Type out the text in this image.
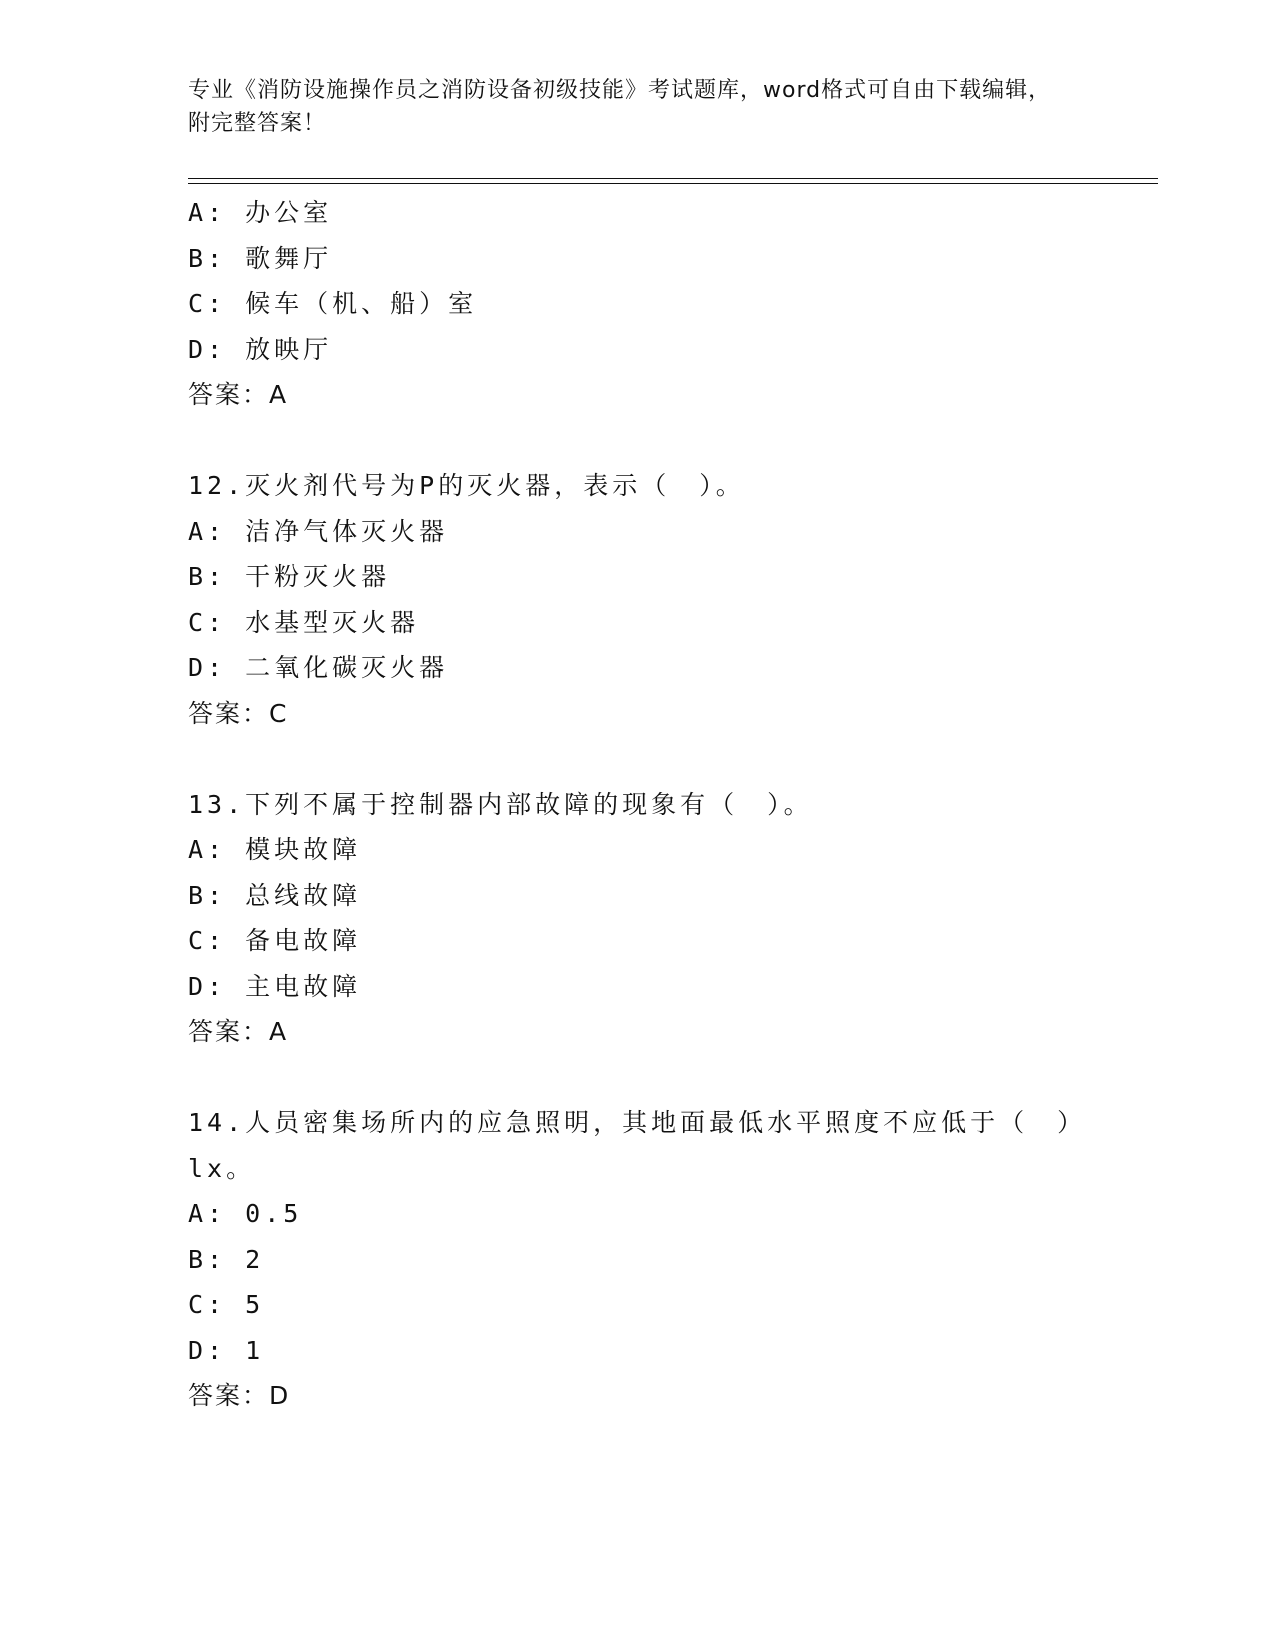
专业《消防设施操作员之消防设备初级技能》考试题库，word格式可自由下载编辑，附完整答案！
A: 办公室
B: 歌舞厅
C: 候车（机、船）室
D: 放映厅
答案：A
12.灭火剂代号为P的灭火器，表示（　）。
A: 洁净气体灭火器
B: 干粉灭火器
C: 水基型灭火器
D: 二氧化碳灭火器
答案：C
13.下列不属于控制器内部故障的现象有（　）。
A: 模块故障
B: 总线故障
C: 备电故障
D: 主电故障
答案：A
14.人员密集场所内的应急照明，其地面最低水平照度不应低于（　）lx。
A: 0.5
B: 2
C: 5
D: 1
答案：D
